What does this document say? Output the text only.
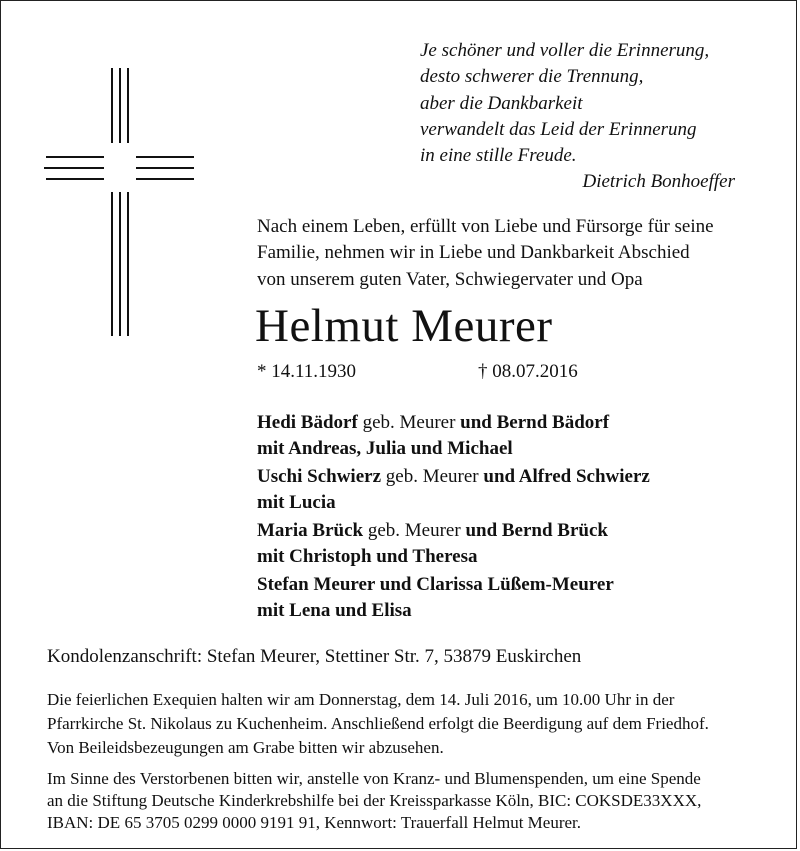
Je schöner und voller die Erinnerung,
desto schwerer die Trennung,
aber die Dankbarkeit
verwandelt das Leid der Erinnerung
in eine stille Freude.
Dietrich Bonhoeffer
Nach einem Leben, erfüllt von Liebe und Fürsorge für seine
Familie, nehmen wir in Liebe und Dankbarkeit Abschied
von unserem guten Vater, Schwiegervater und Opa
Helmut Meurer
* 14.11.1930	† 08.07.2016
Hedi Bädorf geb. Meurer und Bernd Bädorf
mit Andreas, Julia und Michael
Uschi Schwierz geb. Meurer und Alfred Schwierz
mit Lucia
Maria Brück geb. Meurer und Bernd Brück
mit Christoph und Theresa
Stefan Meurer und Clarissa Lüßem-Meurer
mit Lena und Elisa
Kondolenzanschrift: Stefan Meurer, Stettiner Str. 7, 53879 Euskirchen
Die feierlichen Exequien halten wir am Donnerstag, dem 14. Juli 2016, um 10.00 Uhr in der
Pfarrkirche St. Nikolaus zu Kuchenheim. Anschließend erfolgt die Beerdigung auf dem Friedhof.
Von Beileidsbezeugungen am Grabe bitten wir abzusehen.
Im Sinne des Verstorbenen bitten wir, anstelle von Kranz- und Blumenspenden, um eine Spende
an die Stiftung Deutsche Kinderkrebshilfe bei der Kreissparkasse Köln, BIC: COKSDE33XXX,
IBAN: DE 65 3705 0299 0000 9191 91, Kennwort: Trauerfall Helmut Meurer.
